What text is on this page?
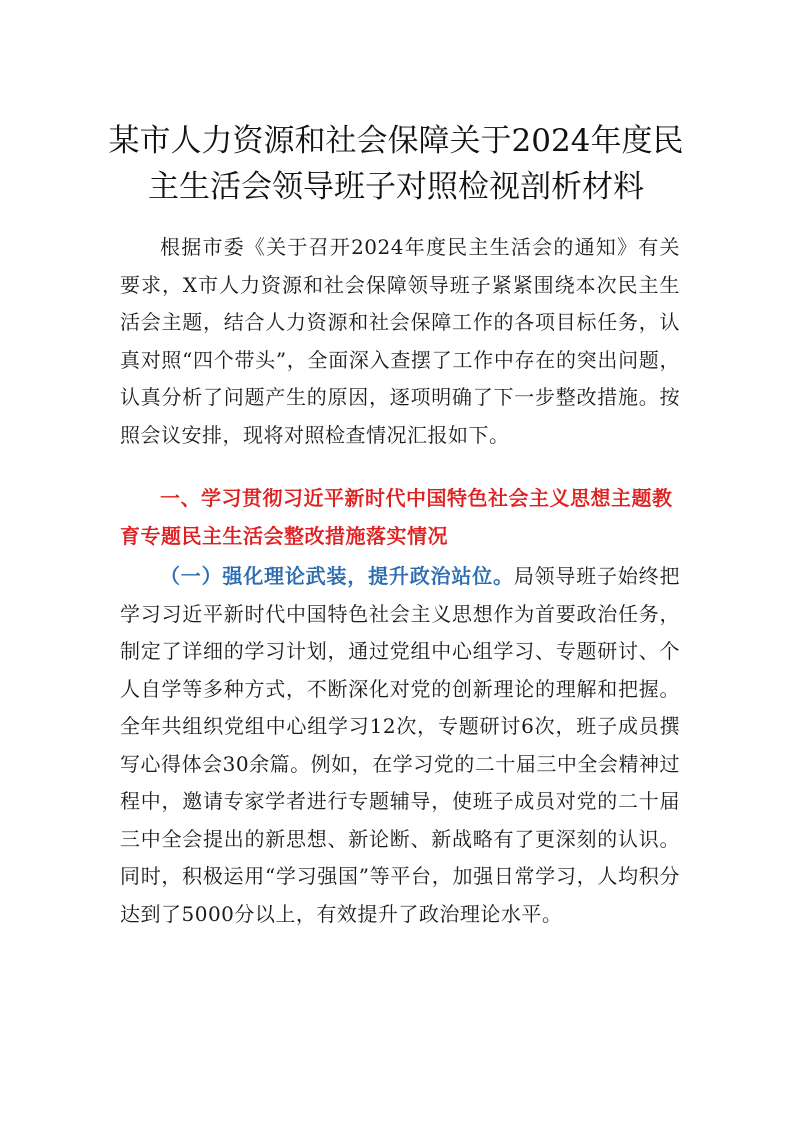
某市人力资源和社会保障关于2024年度民主生活会领导班子对照检视剖析材料

根据市委《关于召开2024年度民主生活会的通知》有关要求，X市人力资源和社会保障领导班子紧紧围绕本次民主生活会主题，结合人力资源和社会保障工作的各项目标任务，认真对照“四个带头”，全面深入查摆了工作中存在的突出问题，认真分析了问题产生的原因，逐项明确了下一步整改措施。按照会议安排，现将对照检查情况汇报如下。

一、学习贯彻习近平新时代中国特色社会主义思想主题教育专题民主生活会整改措施落实情况

（一）强化理论武装，提升政治站位。局领导班子始终把学习习近平新时代中国特色社会主义思想作为首要政治任务，制定了详细的学习计划，通过党组中心组学习、专题研讨、个人自学等多种方式，不断深化对党的创新理论的理解和把握。全年共组织党组中心组学习12次，专题研讨6次，班子成员撰写心得体会30余篇。例如，在学习党的二十届三中全会精神过程中，邀请专家学者进行专题辅导，使班子成员对党的二十届三中全会提出的新思想、新论断、新战略有了更深刻的认识。同时，积极运用“学习强国”等平台，加强日常学习，人均积分达到了5000分以上，有效提升了政治理论水平。
